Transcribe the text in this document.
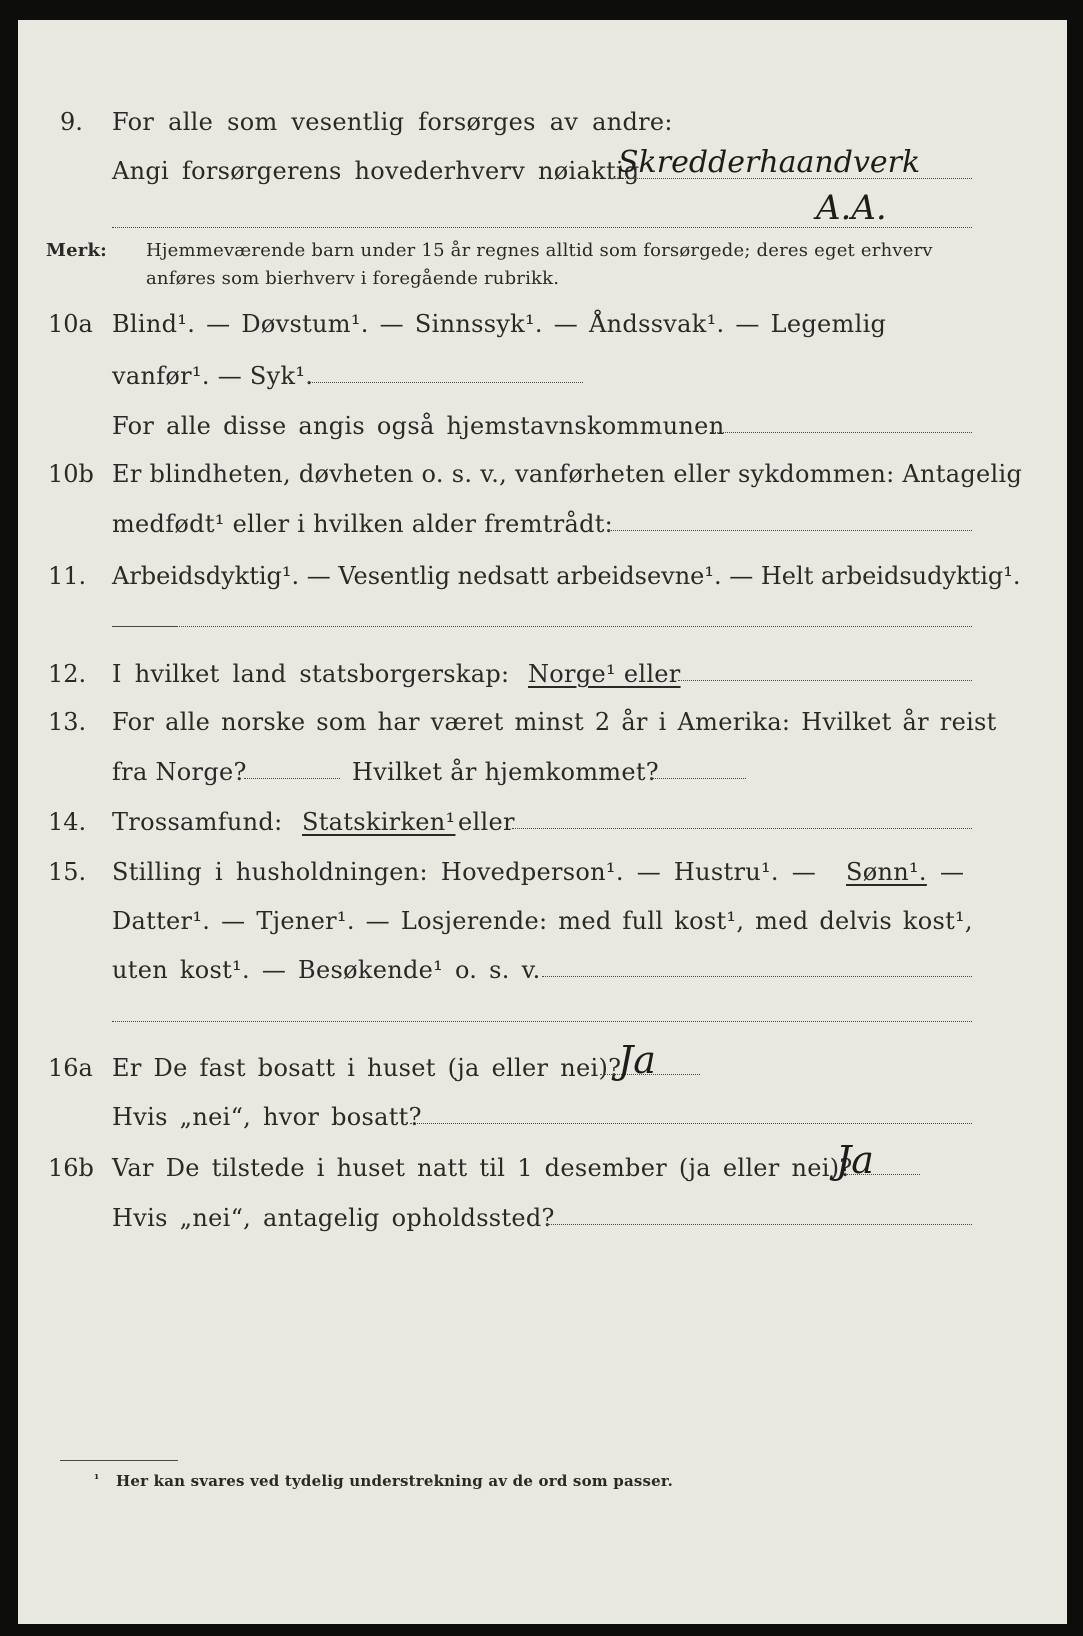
9. For alle som vesentlig forsørges av andre:
Angi forsørgerens hovederhverv nøiaktig
Skredderhaandverk
A.A.
Merk: Hjemmeværende barn under 15 år regnes alltid som forsørgede; deres eget erhverv
anføres som bierhverv i foregående rubrikk.
10a Blind¹. — Døvstum¹. — Sinnssyk¹. — Åndssvak¹. — Legemlig
vanfør¹. — Syk¹.
For alle disse angis også hjemstavnskommunen
10b Er blindheten, døvheten o. s. v., vanførheten eller sykdommen: Antagelig
medfødt¹ eller i hvilken alder fremtrådt:
11. Arbeidsdyktig¹. — Vesentlig nedsatt arbeidsevne¹. — Helt arbeidsudyktig¹.
12. I hvilket land statsborgerskap: Norge¹ eller
13. For alle norske som har været minst 2 år i Amerika: Hvilket år reist
fra Norge?	Hvilket år hjemkommet?
14. Trossamfund: Statskirken¹ eller
15. Stilling i husholdningen: Hovedperson¹. — Hustru¹. — Sønn¹. —
Datter¹. — Tjener¹. — Losjerende: med full kost¹, med delvis kost¹,
uten kost¹. — Besøkende¹ o. s. v.
16a Er De fast bosatt i huset (ja eller nei)?
Ja
Hvis „nei“, hvor bosatt?
16b Var De tilstede i huset natt til 1 desember (ja eller nei)?
Ja
Hvis „nei“, antagelig opholdssted?
¹ Her kan svares ved tydelig understrekning av de ord som passer.
